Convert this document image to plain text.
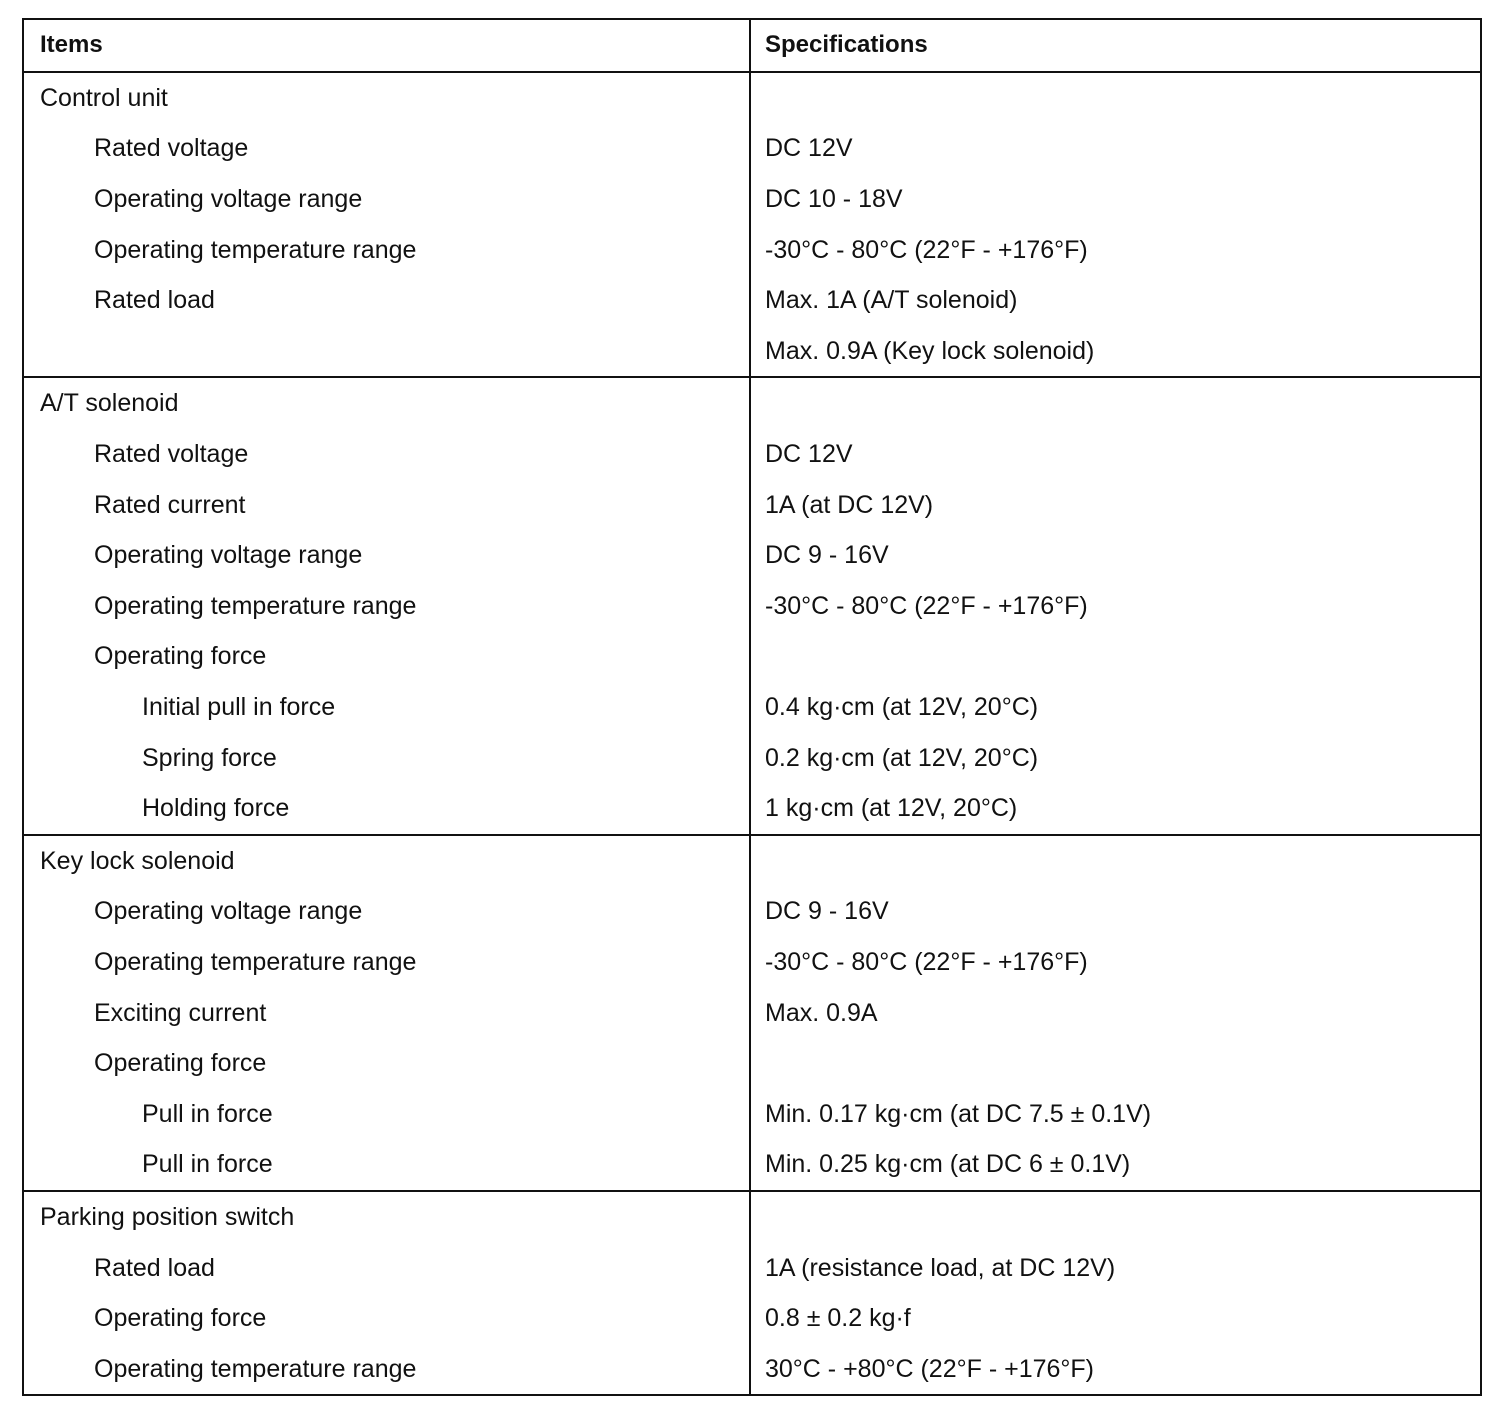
Items	Specifications
Control unit	
Rated voltage	DC 12V
Operating voltage range	DC 10 - 18V
Operating temperature range	-30°C - 80°C (22°F - +176°F)
Rated load	Max. 1A (A/T solenoid)
	Max. 0.9A (Key lock solenoid)
A/T solenoid	
Rated voltage	DC 12V
Rated current	1A (at DC 12V)
Operating voltage range	DC 9 - 16V
Operating temperature range	-30°C - 80°C (22°F - +176°F)
Operating force	
Initial pull in force	0.4 kg·cm (at 12V, 20°C)
Spring force	0.2 kg·cm (at 12V, 20°C)
Holding force	1 kg·cm (at 12V, 20°C)
Key lock solenoid	
Operating voltage range	DC 9 - 16V
Operating temperature range	-30°C - 80°C (22°F - +176°F)
Exciting current	Max. 0.9A
Operating force	
Pull in force	Min. 0.17 kg·cm (at DC 7.5 ± 0.1V)
Pull in force	Min. 0.25 kg·cm (at DC 6 ± 0.1V)
Parking position switch	
Rated load	1A (resistance load, at DC 12V)
Operating force	0.8 ± 0.2 kg·f
Operating temperature range	30°C - +80°C (22°F - +176°F)
